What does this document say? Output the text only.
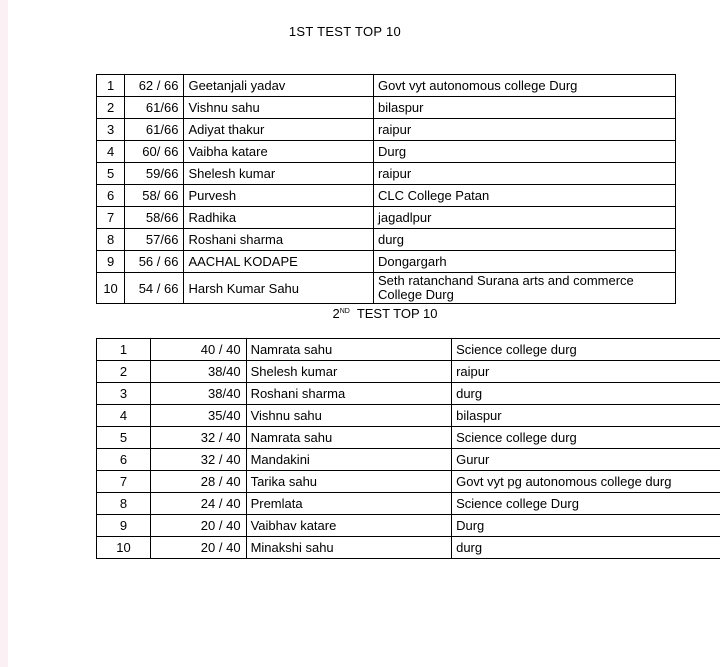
1ST TEST TOP 10
1	62 / 66	Geetanjali yadav	Govt vyt autonomous college Durg
2	61/66	Vishnu sahu	bilaspur
3	61/66	Adiyat thakur	raipur
4	60/ 66	Vaibha katare	Durg
5	59/66	Shelesh kumar	raipur
6	58/ 66	Purvesh	CLC College Patan
7	58/66	Radhika	jagadlpur
8	57/66	Roshani sharma	durg
9	56 / 66	AACHAL KODAPE	Dongargarh
10	54 / 66	Harsh Kumar Sahu	Seth ratanchand Surana arts and commerce College Durg
2ND  TEST TOP 10
1	40 / 40	Namrata sahu	Science college durg
2	38/40	Shelesh kumar	raipur
3	38/40	Roshani sharma	durg
4	35/40	Vishnu sahu	bilaspur
5	32 / 40	Namrata sahu	Science college durg
6	32 / 40	Mandakini	Gurur
7	28 / 40	Tarika sahu	Govt vyt pg autonomous college durg
8	24 / 40	Premlata	Science college Durg
9	20 / 40	Vaibhav katare	Durg
10	20 / 40	Minakshi sahu	durg
